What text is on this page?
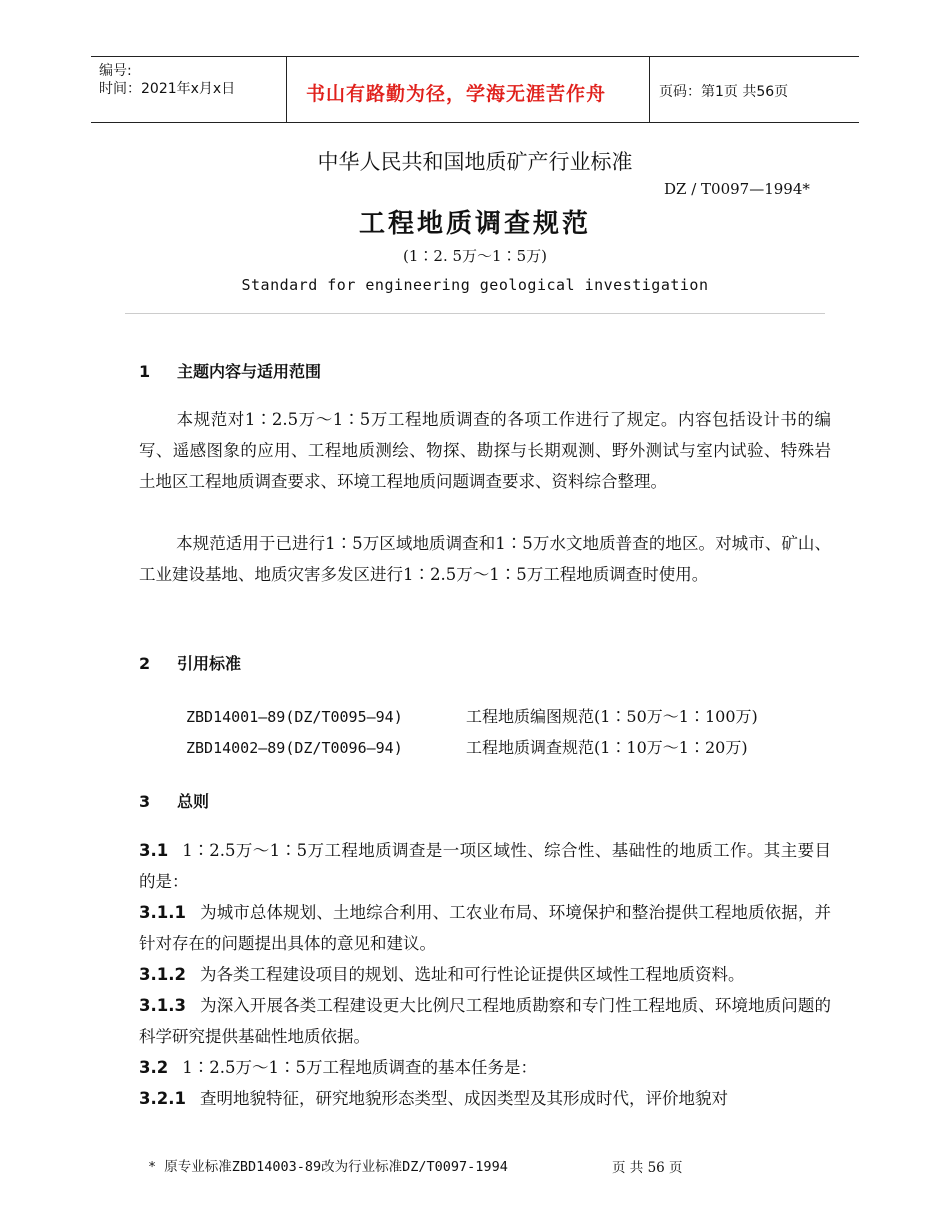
编号:
时间：2021年x月x日	书山有路勤为径，学海无涯苦作舟	页码：第1页 共56页
中华人民共和国地质矿产行业标准
DZ / T0097—1994*
工程地质调查规范
(1∶2. 5万～1∶5万)
Standard for engineering geological investigation
1 主题内容与适用范围
本规范对1∶2.5万～1∶5万工程地质调查的各项工作进行了规定。内容包括设计书的编写、遥感图象的应用、工程地质测绘、物探、勘探与长期观测、野外测试与室内试验、特殊岩土地区工程地质调查要求、环境工程地质问题调查要求、资料综合整理。
本规范适用于已进行1∶5万区域地质调查和1∶5万水文地质普查的地区。对城市、矿山、工业建设基地、地质灾害多发区进行1∶2.5万～1∶5万工程地质调查时使用。
2 引用标准
ZBD14001—89(DZ/T0095—94)	工程地质编图规范(1∶50万～1∶100万)
ZBD14002—89(DZ/T0096—94)	工程地质调查规范(1∶10万～1∶20万)
3 总则
3.1 1∶2.5万～1∶5万工程地质调查是一项区域性、综合性、基础性的地质工作。其主要目的是：
3.1.1 为城市总体规划、土地综合利用、工农业布局、环境保护和整治提供工程地质依据，并针对存在的问题提出具体的意见和建议。
3.1.2 为各类工程建设项目的规划、选址和可行性论证提供区域性工程地质资料。
3.1.3 为深入开展各类工程建设更大比例尺工程地质勘察和专门性工程地质、环境地质问题的科学研究提供基础性地质依据。
3.2 1∶2.5万～1∶5万工程地质调查的基本任务是：
3.2.1 查明地貌特征，研究地貌形态类型、成因类型及其形成时代，评价地貌对
* 原专业标准ZBD14003-89改为行业标准DZ/T0097-1994	页 共 56 页
